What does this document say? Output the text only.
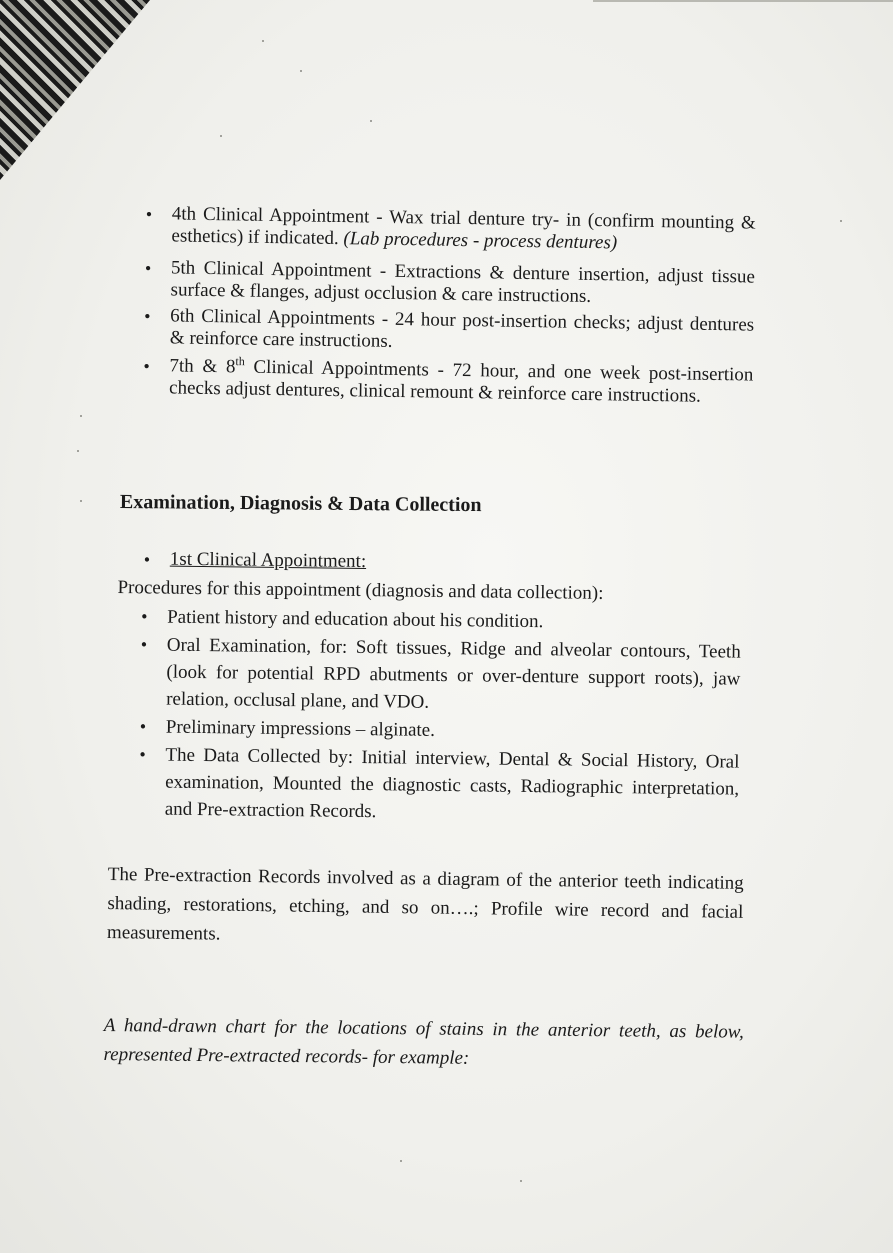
• 4th Clinical Appointment - Wax trial denture try- in (confirm mounting & esthetics) if indicated. (Lab procedures - process dentures)
• 5th Clinical Appointment - Extractions & denture insertion, adjust tissue surface & flanges, adjust occlusion & care instructions.
• 6th Clinical Appointments - 24 hour post-insertion checks; adjust dentures & reinforce care instructions.
• 7th & 8th Clinical Appointments - 72 hour, and one week post-insertion checks adjust dentures, clinical remount & reinforce care instructions.
Examination, Diagnosis & Data Collection
• 1st Clinical Appointment:
Procedures for this appointment (diagnosis and data collection):
• Patient history and education about his condition.
• Oral Examination, for: Soft tissues, Ridge and alveolar contours, Teeth (look for potential RPD abutments or over-denture support roots), jaw relation, occlusal plane, and VDO.
• Preliminary impressions – alginate.
• The Data Collected by: Initial interview, Dental & Social History, Oral examination, Mounted the diagnostic casts, Radiographic interpretation, and Pre-extraction Records.
The Pre-extraction Records involved as a diagram of the anterior teeth indicating shading, restorations, etching, and so on….; Profile wire record and facial measurements.
A hand-drawn chart for the locations of stains in the anterior teeth, as below, represented Pre-extracted records- for example:
